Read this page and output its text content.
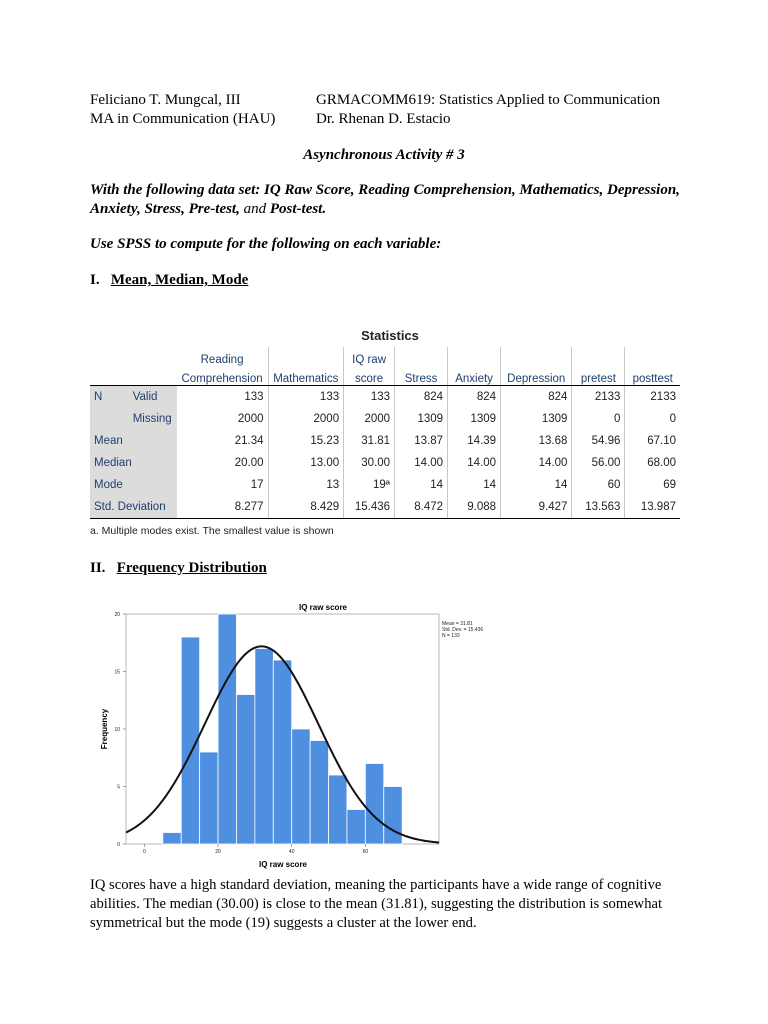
Feliciano T. Mungcal, III
MA in Communication (HAU)
GRMACOMM619: Statistics Applied to Communication
Dr. Rhenan D. Estacio
Asynchronous Activity # 3
With the following data set: IQ Raw Score, Reading Comprehension, Mathematics, Depression,
Anxiety, Stress, Pre-test, and Post-test.
Use SPSS to compute for the following on each variable:
I. Mean, Median, Mode
Statistics
		Reading		IQ raw					
		Comprehension	Mathematics	score	Stress	Anxiety	Depression	pretest	posttest
N	Valid	133	133	133	824	824	824	2133	2133
	Missing	2000	2000	2000	1309	1309	1309	0	0
Mean		21.34	15.23	31.81	13.87	14.39	13.68	54.96	67.10
Median		20.00	13.00	30.00	14.00	14.00	14.00	56.00	68.00
Mode		17	13	19ª	14	14	14	60	69
Std. Deviation		8.277	8.429	15.436	8.472	9.088	9.427	13.563	13.987
a. Multiple modes exist. The smallest value is shown
II. Frequency Distribution
0
5
10
15
20
0	20	40	60
IQ raw score
IQ raw score
Frequency
Mean = 31.81
Std. Dev. = 15.436
N = 133
IQ scores have a high standard deviation, meaning the participants have a wide range of cognitive
abilities. The median (30.00) is close to the mean (31.81), suggesting the distribution is somewhat
symmetrical but the mode (19) suggests a cluster at the lower end.
